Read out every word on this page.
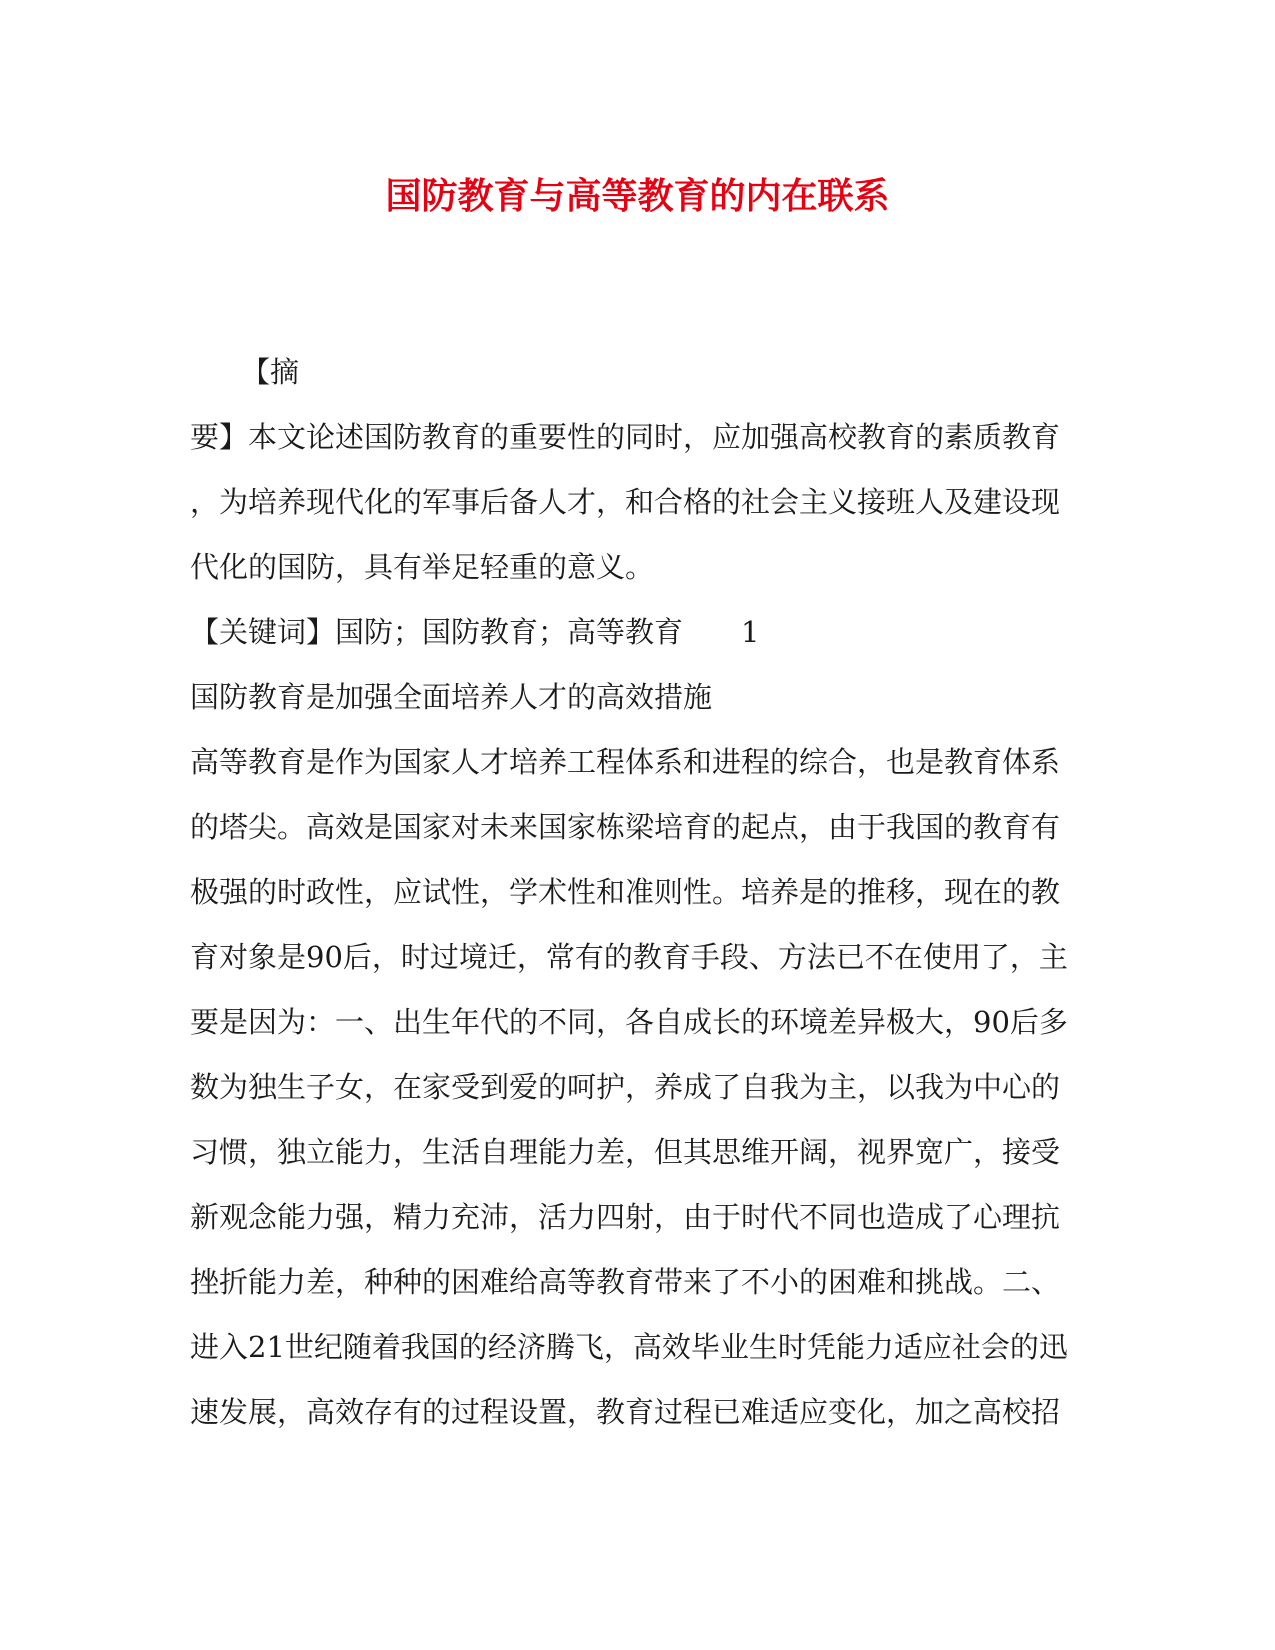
国防教育与高等教育的内在联系

【摘

要】本文论述国防教育的重要性的同时，应加强高校教育的素质教育
，为培养现代化的军事后备人才，和合格的社会主义接班人及建设现
代化的国防，具有举足轻重的意义。

【关键词】国防；国防教育；高等教育 1

国防教育是加强全面培养人才的高效措施

高等教育是作为国家人才培养工程体系和进程的综合，也是教育体系
的塔尖。高效是国家对未来国家栋梁培育的起点，由于我国的教育有
极强的时政性，应试性，学术性和准则性。培养是的推移，现在的教
育对象是90后，时过境迁，常有的教育手段、方法已不在使用了，主
要是因为：一、出生年代的不同，各自成长的环境差异极大，90后多
数为独生子女，在家受到爱的呵护，养成了自我为主，以我为中心的
习惯，独立能力，生活自理能力差，但其思维开阔，视界宽广，接受
新观念能力强，精力充沛，活力四射，由于时代不同也造成了心理抗
挫折能力差，种种的困难给高等教育带来了不小的困难和挑战。二、
进入21世纪随着我国的经济腾飞，高效毕业生时凭能力适应社会的迅
速发展，高效存有的过程设置，教育过程已难适应变化，加之高校招
